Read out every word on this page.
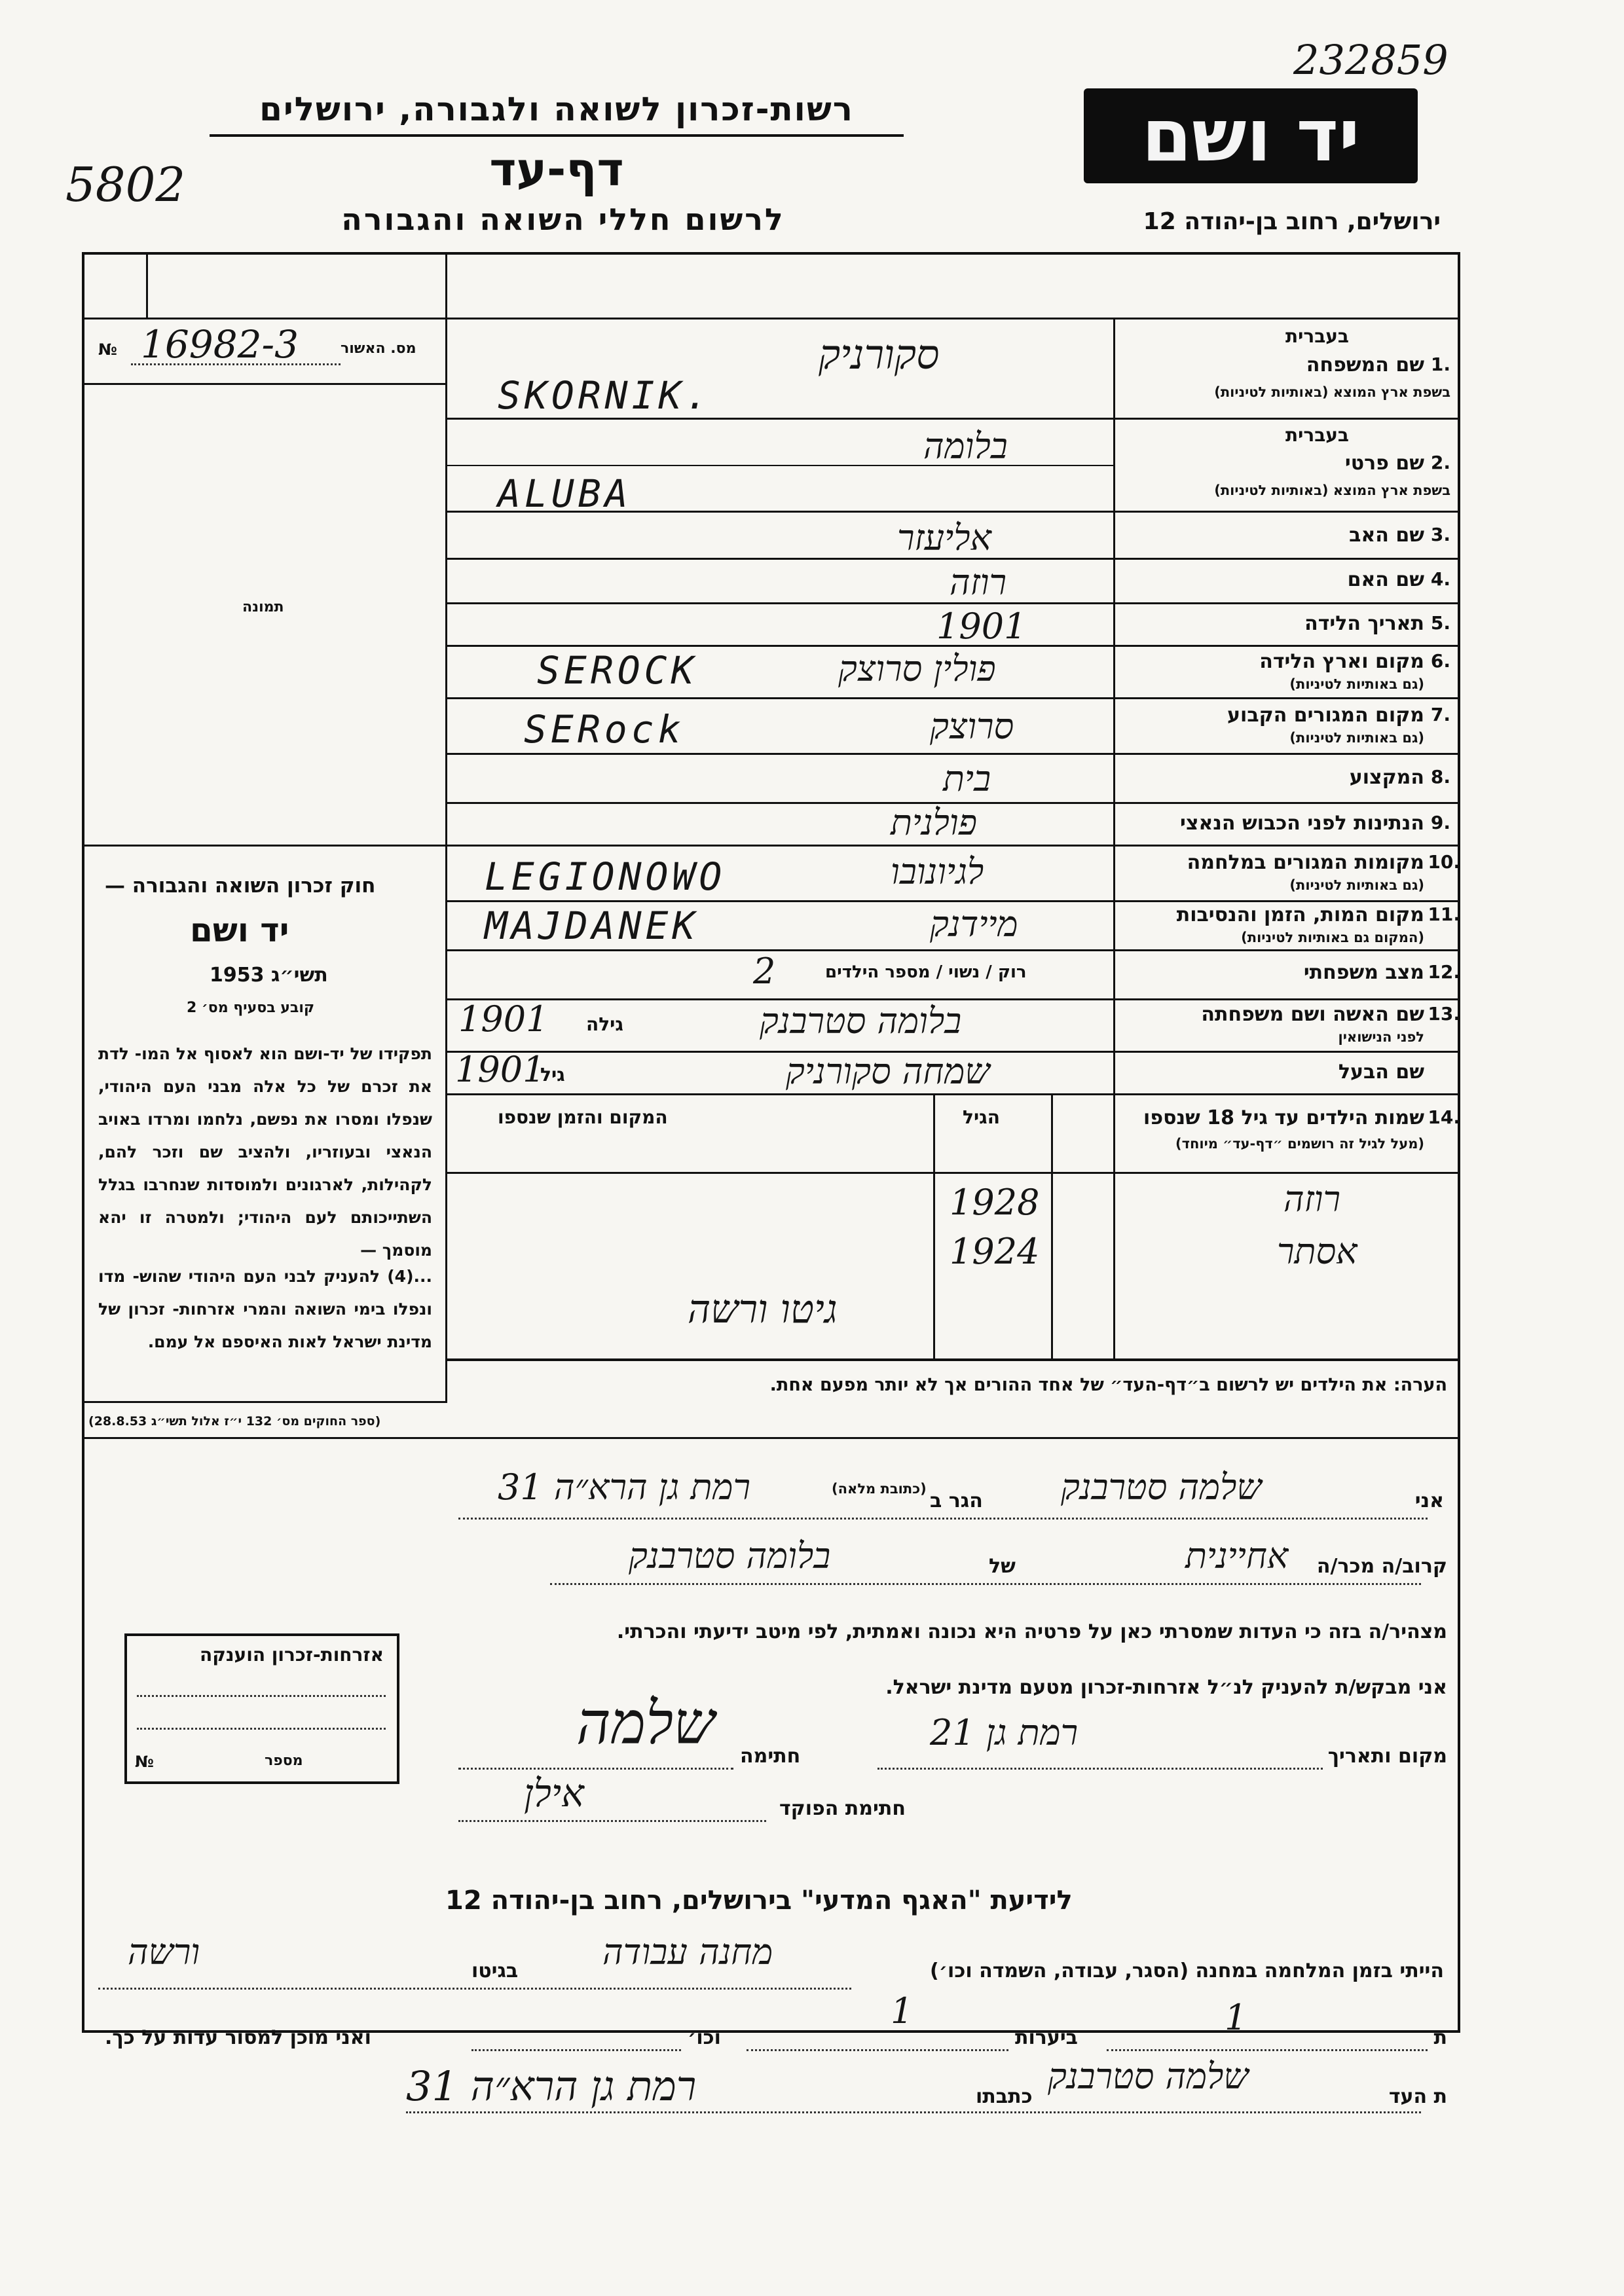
232859
5802
יד ושם
רשות-זכרון לשואה ולגבורה, ירושלים
דף-עד
לרשום חללי השואה והגבורה	ירושלים, רחוב בן-יהודה 12
מס. האשור
№ 16982-3
תמונה
חוק זכרון השואה והגבורה —
יד ושם
תשי״ג 1953
קובע בסעיף מס׳ 2
תפקידו של יד-ושם הוא לאסוף אל המו- לדת את זכרם של כל אלה מבני העם היהודי, שנפלו ומסרו את נפשם, נלחמו ומרדו באויב הנאצי ובעוזריו, ולהציב שם וזכר להם, לקהילות, לארגונים ולמוסדות שנחרבו בגלל השתייכותם לעם היהודי; ולמטרה זו יהא מוסמך —
...(4) להעניק לבני העם היהודי שהוש- מדו ונפלו בימי השואה והמרי אזרחות- זכרון של מדינת ישראל לאות האיספם אל עמם.
(ספר החוקים מס׳ 132 י״ז אלול תשי״ג 28.8.53)
בעברית
1.
שם המשפחה
בשפת ארץ המוצא (באותיות לטיניות)
בעברית
2.
שם פרטי
בשפת ארץ המוצא (באותיות לטיניות)
3.
שם האב
4.
שם האם
5.
תאריך הלידה
6.
מקום וארץ הלידה
(גם באותיות לטיניות)
7.
מקום המגורים הקבוע
(גם באותיות לטיניות)
8.
המקצוע
9.
הנתינות לפני הכבוש הנאצי
10.
מקומות המגורים במלחמה
(גם באותיות לטיניות)
11.
מקום המות, הזמן והנסיבות
(המקום גם באותיות לטיניות)
12.
מצב משפחתי
13.
שם האשה ושם משפחתה
לפני הנישואין
שם הבעל
סקורניק
SKORNIK.
בלומה
ALUBA
אליעזר
רוזה
1901
פולין סרוצק
SEROCK
סרוצק
SERock
בית
פולנית
לגיונובו
LEGIONOWO
מיידנק
MAJDANEK
רוק / נשוי / מספר הילדים
2
בלומה סטרבנק
גילה
1901
שמחה סקורניק
גיל
1901
14.
שמות הילדים עד גיל 18 שנספו
(מעל לגיל זה רושמים ״דף-עד״ מיוחד)
הגיל
המקום והזמן שנספו
רוזה
1928
אסתר
1924
גיטו ורשה
הערה: את הילדים יש לרשום ב״דף-העד״ של אחד ההורים אך לא יותר מפעם אחת.
אני
שלמה סטרבנק
הגר ב
(כתובת מלאה)
רמת גן הרא״ה 31
קרוב/ה מכר/ה
אחיינית
של
בלומה סטרבנק
מצהיר/ה בזה כי העדות שמסרתי כאן על פרטיה היא נכונה ואמתית, לפי מיטב ידיעתי והכרתי.
אני מבקש/ת להעניק לנ״ל אזרחות-זכרון מטעם מדינת ישראל.
אזרחות-זכרון הוענקה
מספר
№	מקום ותאריך
רמת גן 21
חתימה
שלמה
חתימת הפוקד
אילן
לידיעת "האגף המדעי" בירושלים, רחוב בן-יהודה 12
הייתי בזמן המלחמה במחנה (הסגר, עבודה, השמדה וכו׳)
מחנה עבודה
בגיטו
ורשה
ת
1
ביערות
1
וכו׳
ואני מוכן למסור עדות על כך.
ת העד
שלמה סטרבנק
כתבתו
רמת גן הרא״ה 31
